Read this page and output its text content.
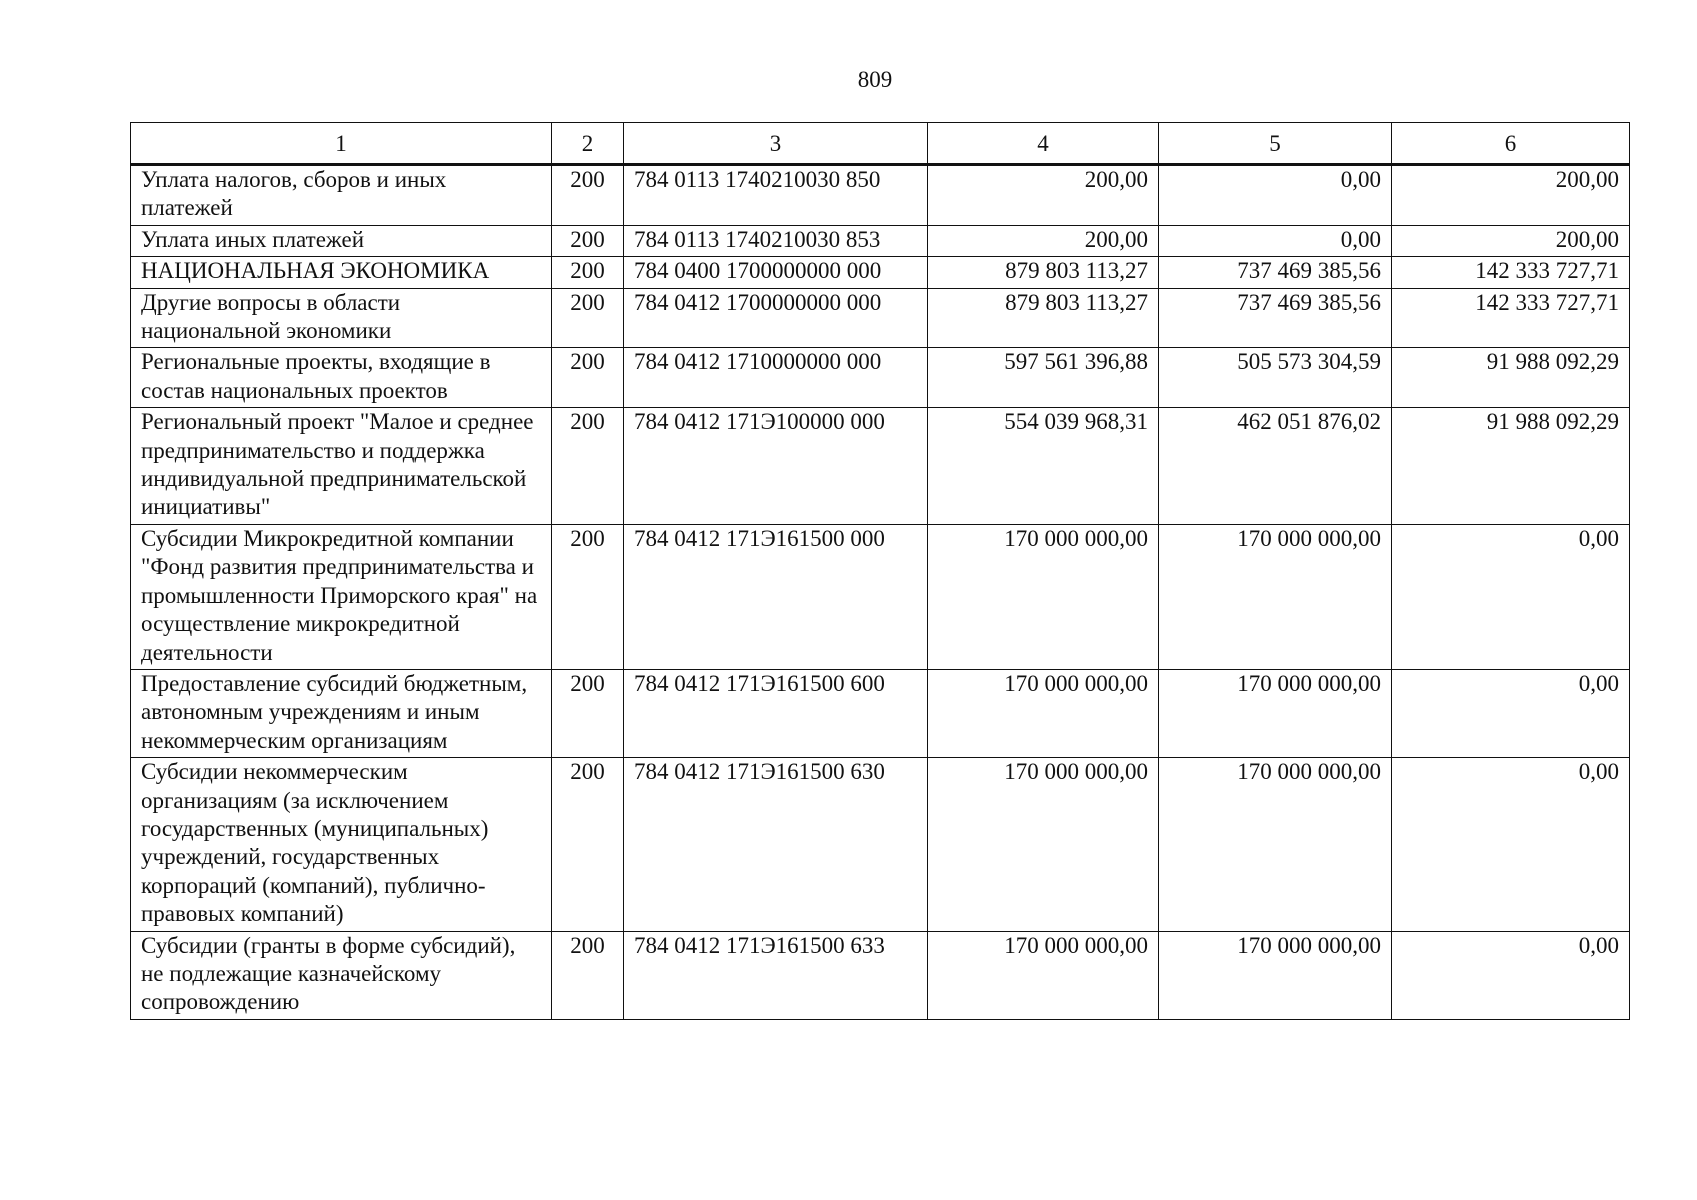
809
1	2	3	4	5	6
Уплата налогов, сборов и иных платежей	200	784 0113 1740210030 850	200,00	0,00	200,00
Уплата иных платежей	200	784 0113 1740210030 853	200,00	0,00	200,00
НАЦИОНАЛЬНАЯ ЭКОНОМИКА	200	784 0400 1700000000 000	879 803 113,27	737 469 385,56	142 333 727,71
Другие вопросы в области национальной экономики	200	784 0412 1700000000 000	879 803 113,27	737 469 385,56	142 333 727,71
Региональные проекты, входящие в состав национальных проектов	200	784 0412 1710000000 000	597 561 396,88	505 573 304,59	91 988 092,29
Региональный проект "Малое и среднее предпринимательство и поддержка индивидуальной предпринимательской инициативы"	200	784 0412 171Э100000 000	554 039 968,31	462 051 876,02	91 988 092,29
Субсидии Микрокредитной компании "Фонд развития предпринимательства и промышленности Приморского края" на осуществление микрокредитной деятельности	200	784 0412 171Э161500 000	170 000 000,00	170 000 000,00	0,00
Предоставление субсидий бюджетным, автономным учреждениям и иным некоммерческим организациям	200	784 0412 171Э161500 600	170 000 000,00	170 000 000,00	0,00
Субсидии некоммерческим организациям (за исключением государственных (муниципальных) учреждений, государственных корпораций (компаний), публично-правовых компаний)	200	784 0412 171Э161500 630	170 000 000,00	170 000 000,00	0,00
Субсидии (гранты в форме субсидий), не подлежащие казначейскому сопровождению	200	784 0412 171Э161500 633	170 000 000,00	170 000 000,00	0,00
